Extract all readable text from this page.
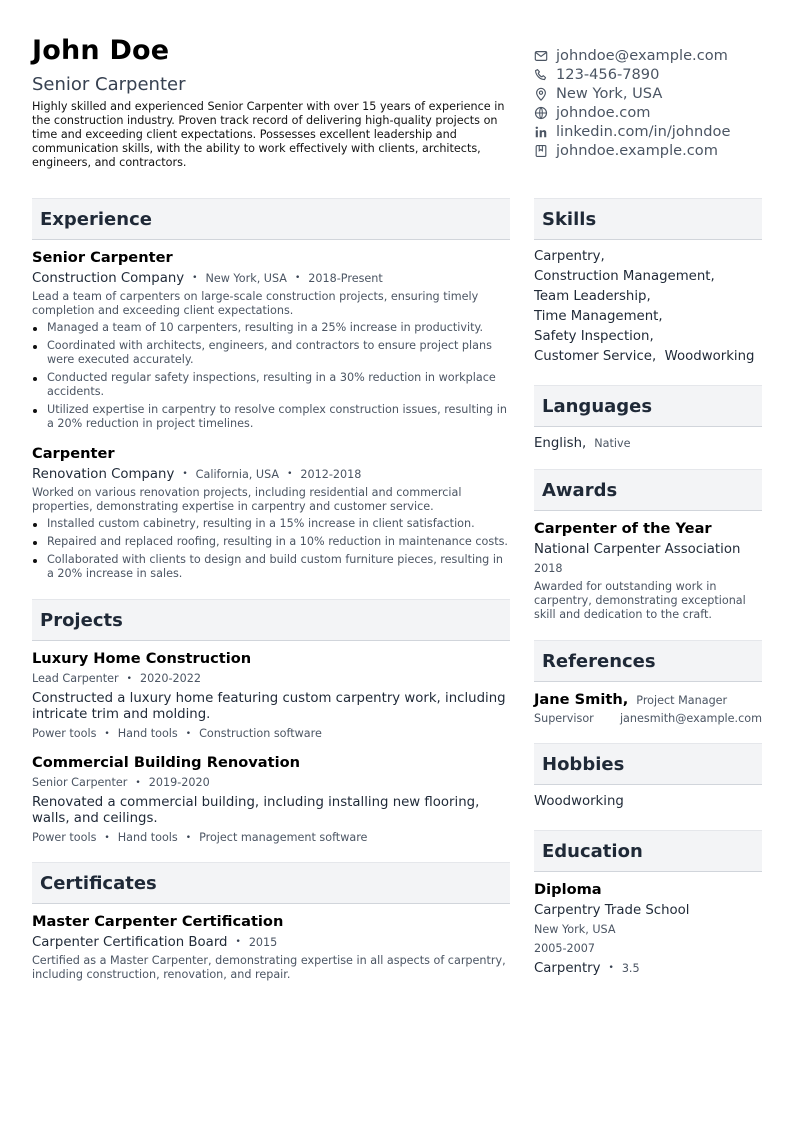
John Doe
Senior Carpenter
Highly skilled and experienced Senior Carpenter with over 15 years of experience in the construction industry. Proven track record of delivering high-quality projects on time and exceeding client expectations. Possesses excellent leadership and communication skills, with the ability to work effectively with clients, architects, engineers, and contractors.
johndoe@example.com
123-456-7890
New York, USA
johndoe.com
linkedin.com/in/johndoe
johndoe.example.com
Experience
Senior Carpenter
Construction Company • New York, USA • 2018-Present
Lead a team of carpenters on large-scale construction projects, ensuring timely completion and exceeding client expectations.
Managed a team of 10 carpenters, resulting in a 25% increase in productivity.
Coordinated with architects, engineers, and contractors to ensure project plans were executed accurately.
Conducted regular safety inspections, resulting in a 30% reduction in workplace accidents.
Utilized expertise in carpentry to resolve complex construction issues, resulting in a 20% reduction in project timelines.
Carpenter
Renovation Company • California, USA • 2012-2018
Worked on various renovation projects, including residential and commercial properties, demonstrating expertise in carpentry and customer service.
Installed custom cabinetry, resulting in a 15% increase in client satisfaction.
Repaired and replaced roofing, resulting in a 10% reduction in maintenance costs.
Collaborated with clients to design and build custom furniture pieces, resulting in a 20% increase in sales.
Projects
Luxury Home Construction
Lead Carpenter • 2020-2022
Constructed a luxury home featuring custom carpentry work, including intricate trim and molding.
Power tools • Hand tools • Construction software
Commercial Building Renovation
Senior Carpenter • 2019-2020
Renovated a commercial building, including installing new flooring, walls, and ceilings.
Power tools • Hand tools • Project management software
Certificates
Master Carpenter Certification
Carpenter Certification Board • 2015
Certified as a Master Carpenter, demonstrating expertise in all aspects of carpentry, including construction, renovation, and repair.
Skills
Carpentry,
Construction Management,
Team Leadership,
Time Management,
Safety Inspection,
Customer Service, Woodworking
Languages
English, Native
Awards
Carpenter of the Year
National Carpenter Association
2018
Awarded for outstanding work in carpentry, demonstrating exceptional skill and dedication to the craft.
References
Jane Smith, Project Manager
Supervisor janesmith@example.com
Hobbies
Woodworking
Education
Diploma
Carpentry Trade School
New York, USA
2005-2007
Carpentry • 3.5
